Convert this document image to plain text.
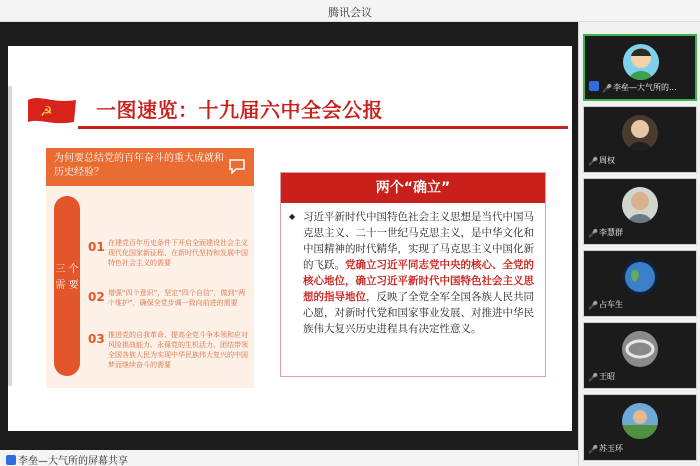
腾讯会议
☭ 一图速览：十九届六中全会公报
为何要总结党的百年奋斗的重大成就和历史经验？
三 个 需 要
01 在建党百年历史条件下开启全面建设社会主义现代化国家新征程、在新时代坚持和发展中国特色社会主义的需要
02 增强“四个意识”，坚定“四个自信”，做到“两个维护”，确保全党步调一致向前进的需要
03 推进党的自我革命、提高全党斗争本领和应对风险挑战能力、永葆党的生机活力、团结带领全国各族人民为实现中华民族伟大复兴的中国梦而继续奋斗的需要
两个“确立”
◆ 习近平新时代中国特色社会主义思想是当代中国马克思主义、二十一世纪马克思主义，是中华文化和中国精神的时代精华，实现了马克思主义中国化新的飞跃。党确立习近平同志党中央的核心、全党的核心地位，确立习近平新时代中国特色社会主义思想的指导地位，反映了全党全军全国各族人民共同心愿，对新时代党和国家事业发展、对推进中华民族伟大复兴历史进程具有决定性意义。
李垒—大气所的屏幕共享
🎤李垒—大气所的...
🎤周权
🎤李慧群
🎤占车生
🎤王昭
🎤苏玉环
